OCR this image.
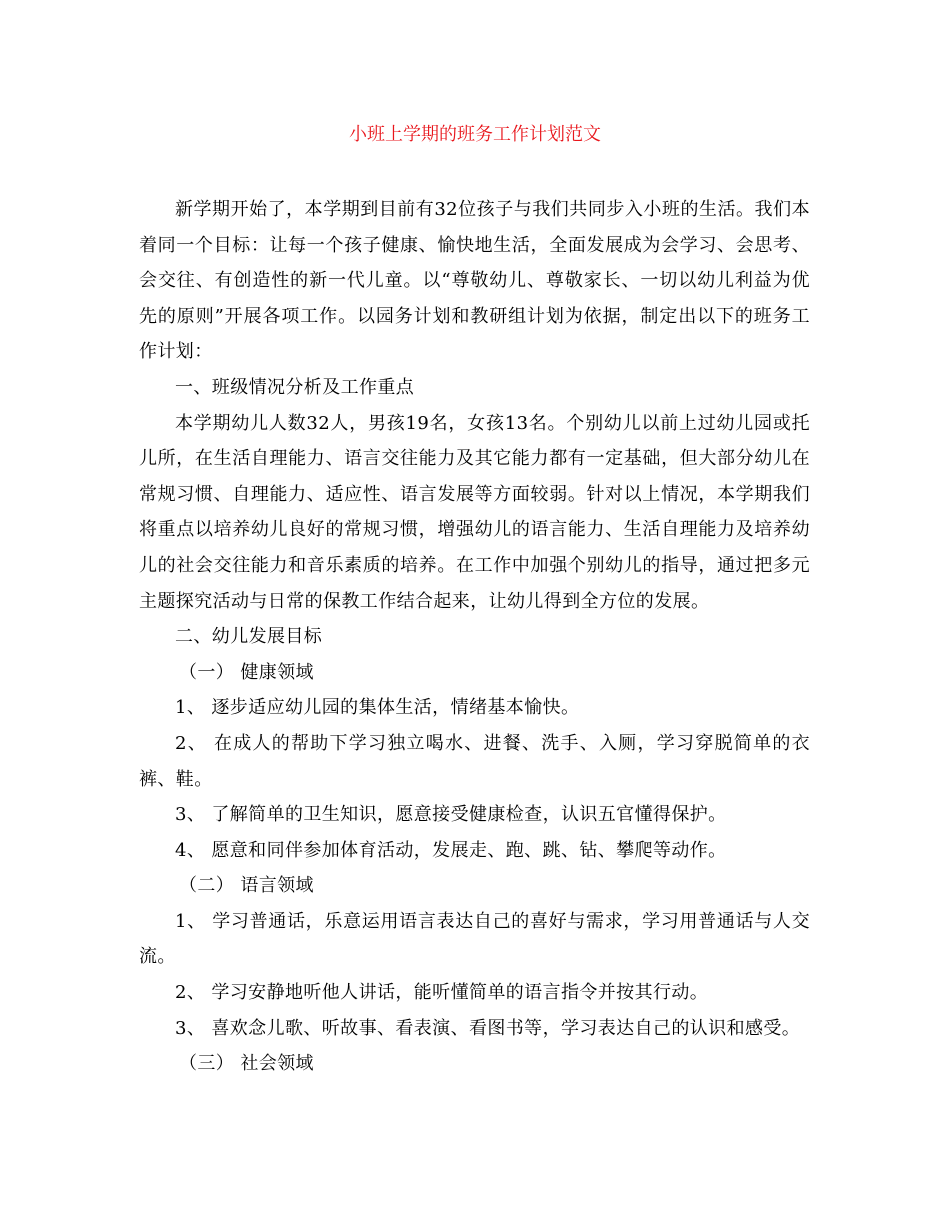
小班上学期的班务工作计划范文

新学期开始了，本学期到目前有32位孩子与我们共同步入小班的生活。我们本着同一个目标：让每一个孩子健康、愉快地生活，全面发展成为会学习、会思考、会交往、有创造性的新一代儿童。以“尊敬幼儿、尊敬家长、一切以幼儿利益为优先的原则”开展各项工作。以园务计划和教研组计划为依据，制定出以下的班务工作计划：

一、班级情况分析及工作重点

本学期幼儿人数32人，男孩19名，女孩13名。个别幼儿以前上过幼儿园或托儿所，在生活自理能力、语言交往能力及其它能力都有一定基础，但大部分幼儿在常规习惯、自理能力、适应性、语言发展等方面较弱。针对以上情况，本学期我们将重点以培养幼儿良好的常规习惯，增强幼儿的语言能力、生活自理能力及培养幼儿的社会交往能力和音乐素质的培养。在工作中加强个别幼儿的指导，通过把多元主题探究活动与日常的保教工作结合起来，让幼儿得到全方位的发展。

二、幼儿发展目标

（一） 健康领域

1、 逐步适应幼儿园的集体生活，情绪基本愉快。

2、 在成人的帮助下学习独立喝水、进餐、洗手、入厕，学习穿脱简单的衣裤、鞋。

3、 了解简单的卫生知识，愿意接受健康检查，认识五官懂得保护。

4、 愿意和同伴参加体育活动，发展走、跑、跳、钻、攀爬等动作。

（二） 语言领域

1、 学习普通话，乐意运用语言表达自己的喜好与需求，学习用普通话与人交流。

2、 学习安静地听他人讲话，能听懂简单的语言指令并按其行动。

3、 喜欢念儿歌、听故事、看表演、看图书等，学习表达自己的认识和感受。

（三） 社会领域
